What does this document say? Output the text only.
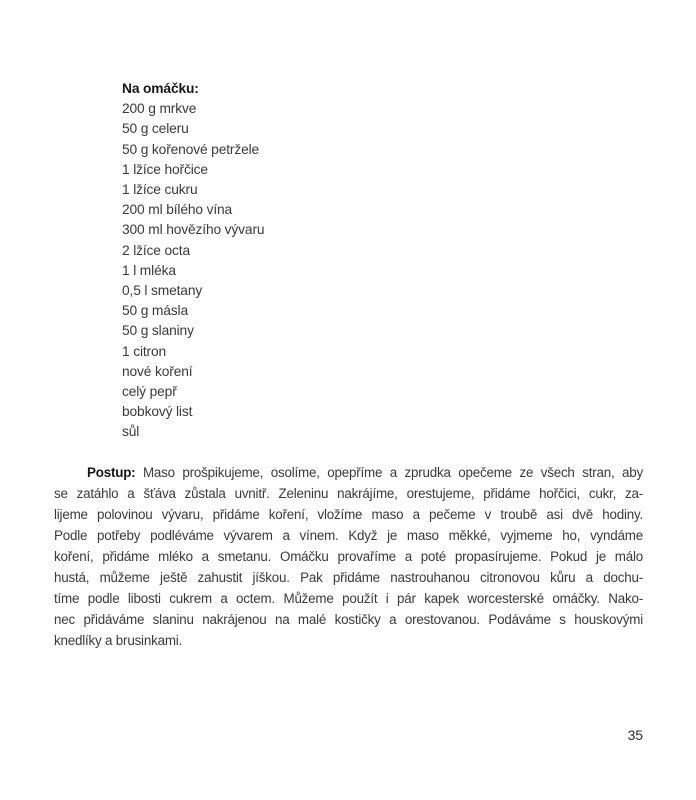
Na omáčku:
200 g mrkve
50 g celeru
50 g kořenové petržele
1 lžíce hořčice
1 lžíce cukru
200 ml bílého vína
300 ml hovězího vývaru
2 lžíce octa
1 l mléka
0,5 l smetany
50 g másla
50 g slaniny
1 citron
nové koření
celý pepř
bobkový list
sůl
Postup: Maso prošpikujeme, osolíme, opepříme a zprudka opečeme ze všech stran, aby
se zatáhlo a šťáva zůstala uvnitř. Zeleninu nakrájíme, orestujeme, přidáme hořčici, cukr, za-
lijeme polovinou vývaru, přidáme koření, vložíme maso a pečeme v troubě asi dvě hodiny.
Podle potřeby podléváme vývarem a vínem. Když je maso měkké, vyjmeme ho, vyndáme
koření, přidáme mléko a smetanu. Omáčku provaříme a poté propasírujeme. Pokud je málo
hustá, můžeme ještě zahustit jíškou. Pak přidáme nastrouhanou citronovou kůru a dochu-
tíme podle libosti cukrem a octem. Můžeme použít i pár kapek worcesterské omáčky. Nako-
nec přidáváme slaninu nakrájenou na malé kostičky a orestovanou. Podáváme s houskovými
knedlíky a brusinkami.
35
